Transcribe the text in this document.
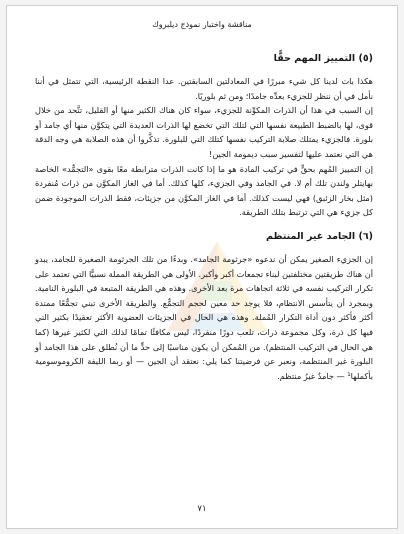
مناقشة واختبار نموذج ديلبروك
(٥) التمييز المهم حقًّا

هكذا بات لدينا كل شيء مبررًا في المعادلتين السابقتين. عدا النقطة الرئيسية، التي تتمثل في أننا نأمل في أن ننظر للجزيء بعدِّه جامدًا؛ ومن ثم بلوريًا.

إن السبب في هذا أن الذرات المكوِّنة للجزيء، سواء كان هناك الكثير منها أو القليل، تتَّحد من خلال قوى، لها بالضبط الطبيعة نفسها التي لتلك التي تخضع لها الذرات العديدة التي يتكوَّن منها أي جامد أو بلورة. فالجزيء يمتلك صلابة التركيب نفسها كتلك التي للبلورة. تذكَّروا أن هذه الصلابة هي وجه الدقة هي التي نعتمد عليها لتفسير سبب ديمومة الجين!

إن التمييز المُهم بحقٍّ في تركيب المادة هو ما إذا كانت الذرات مترابطة معًا بقوى «التجمُّد» الخاصة بهايتلر ولندن تلك أم لا. في الجامد وفي الجزيء، كلها كذلك. أما في الغاز المكوَّن من ذرات مُنفردة (مثل بخار الزئبق) فهي ليست كذلك. أما في الغاز المكوَّن من جزيئات، فقط الذرات الموجودة ضمن كل جزيء هي التي ترتبط بتلك الطريقة.

(٦) الجامد غير المنتظم

إن الجزيء الصغير يمكن أن ندعوه «جرثومة الجامد». وبدءًا من تلك الجرثومة الصغيرة للجامد، يبدو أن هناك طريقتين مختلفتين لبناء تجمعات أكبر وأكبر. الأولى هي الطريقة المملة نسبيًّا التي تعتمد على تكرار التركيب نفسه في ثلاثة اتجاهات مرة بعد الأخرى. وهذه هي الطريقة المتبعة في البلورة النامية. وبمجرد أن يتأسس الانتظام، فلا يوجد حد معين لحجم التجمُّع. والطريقة الأخرى تبني تجمُّعًا ممتدة أكثر فأكثر دون أداة التكرار المُملة. وهذه هي الحال في الجزيئات العضوية الأكثر تعقيدًا بكثير التي فيها كل ذرة، وكل مجموعة ذرات، تلعب دورًا منفردًا، ليس مكافئًا تمامًا لذلك التي لكثير غيرها (كما هي الحال في التركيب المنتظم). من المُمكن أن يكون مناسبًا إلى حدٍّ ما أن نُطلق على هذا الجامد أو البلورة غير المنتظمة، ونعبر عن فرضيتنا كما يلي: نعتقد أن الجين — أو ربما الليفة الكروموسومية بأكملها¹ — جامدٌ غيرُ منتظم.

٧١
